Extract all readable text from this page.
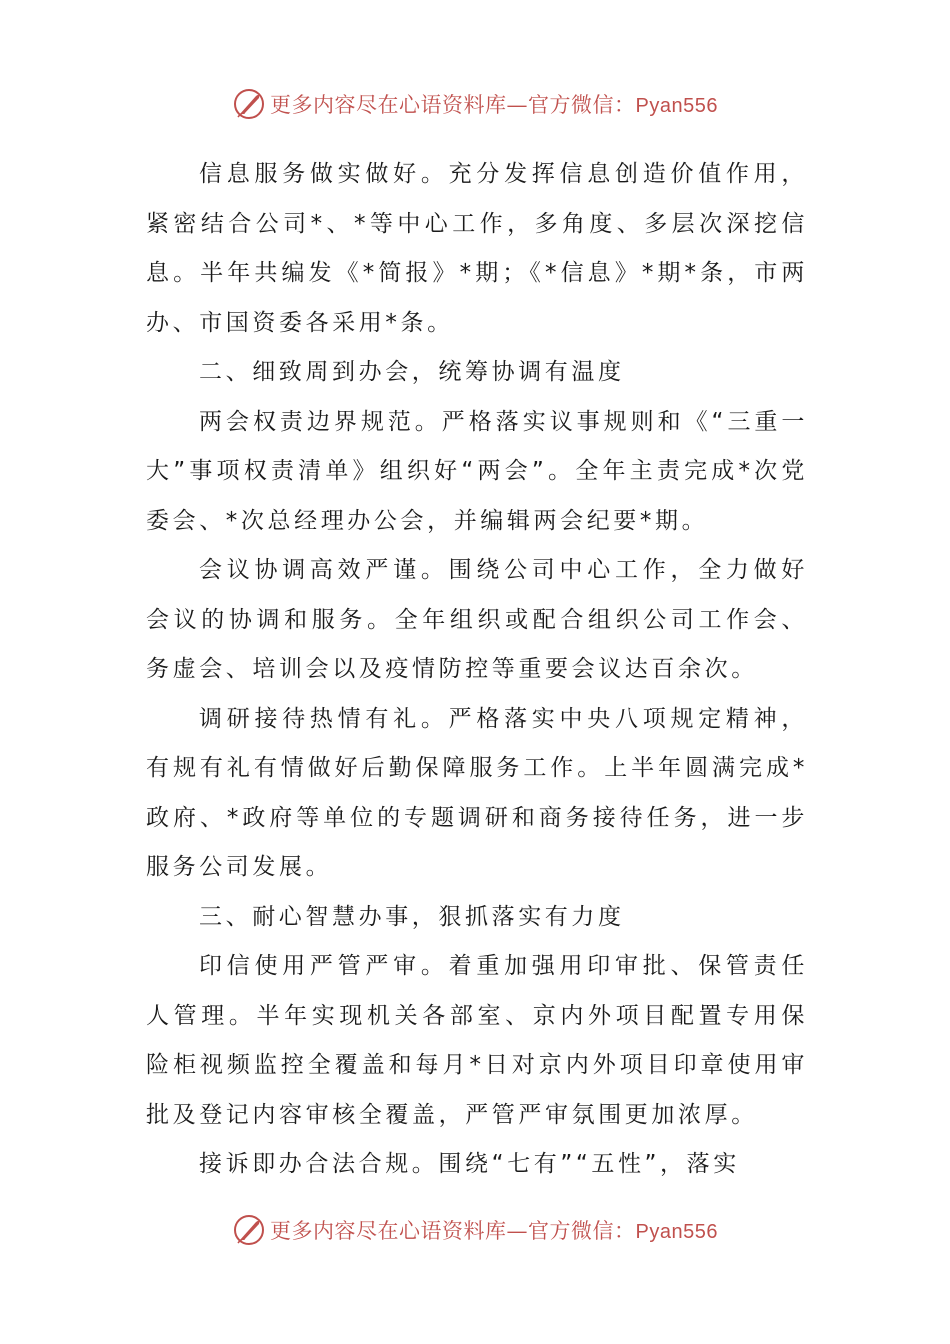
更多内容尽在心语资料库—官方微信：Pyan556

信息服务做实做好。充分发挥信息创造价值作用，紧密结合公司*、*等中心工作，多角度、多层次深挖信息。半年共编发《*简报》*期；《*信息》*期*条，市两办、市国资委各采用*条。

二、细致周到办会，统筹协调有温度

两会权责边界规范。严格落实议事规则和《“三重一大”事项权责清单》组织好“两会”。全年主责完成*次党委会、*次总经理办公会，并编辑两会纪要*期。

会议协调高效严谨。围绕公司中心工作，全力做好会议的协调和服务。全年组织或配合组织公司工作会、务虚会、培训会以及疫情防控等重要会议达百余次。

调研接待热情有礼。严格落实中央八项规定精神，有规有礼有情做好后勤保障服务工作。上半年圆满完成*政府、*政府等单位的专题调研和商务接待任务，进一步服务公司发展。

三、耐心智慧办事，狠抓落实有力度

印信使用严管严审。着重加强用印审批、保管责任人管理。半年实现机关各部室、京内外项目配置专用保险柜视频监控全覆盖和每月*日对京内外项目印章使用审批及登记内容审核全覆盖，严管严审氛围更加浓厚。

接诉即办合法合规。围绕“七有”“五性”，落实

更多内容尽在心语资料库—官方微信：Pyan556
